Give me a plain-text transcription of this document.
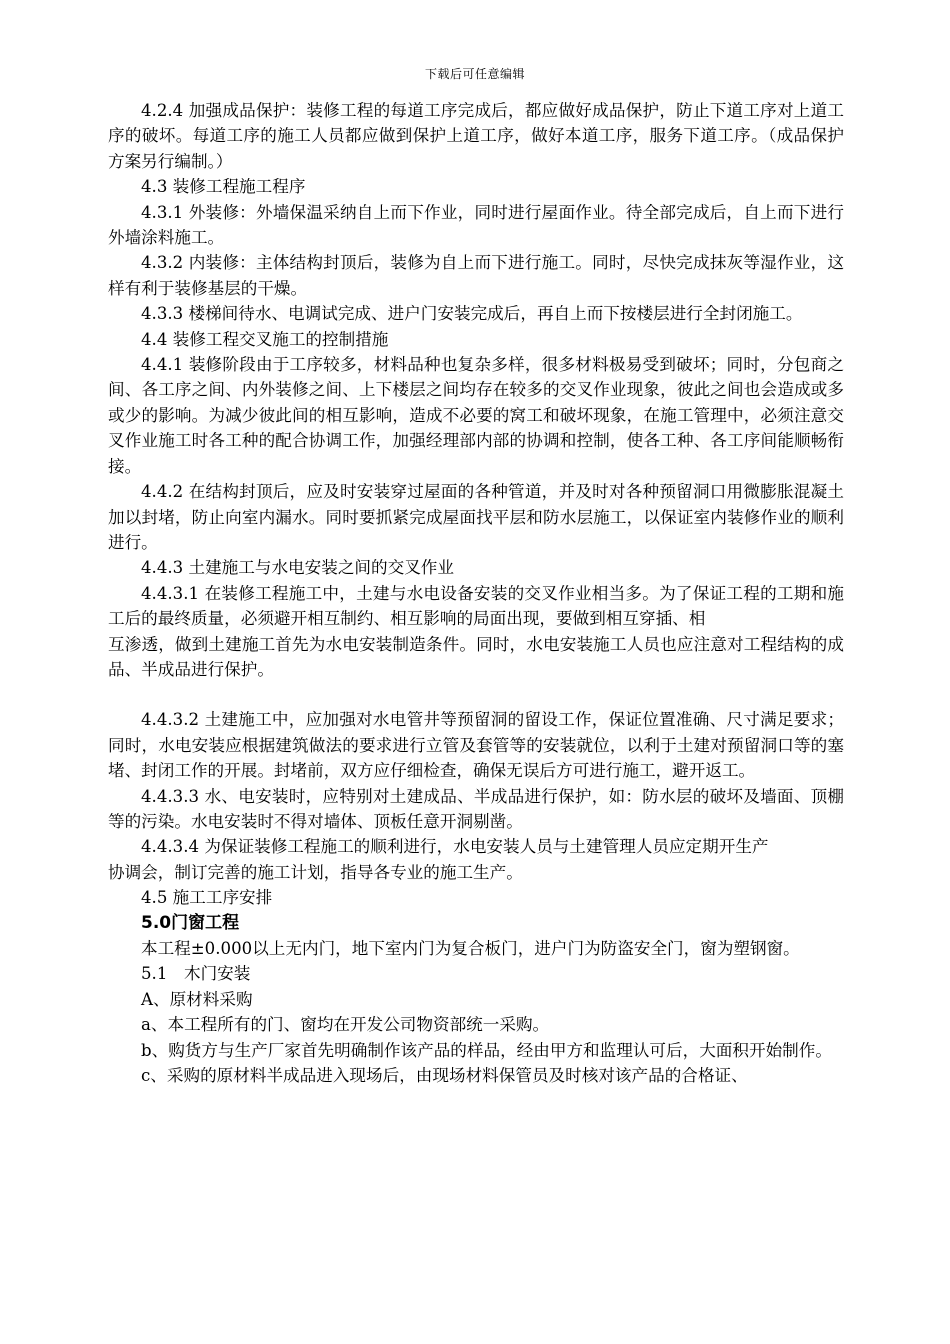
下载后可任意编辑

4.2.4 加强成品保护：装修工程的每道工序完成后，都应做好成品保护，防止下道工序对上道工序的破坏。每道工序的施工人员都应做到保护上道工序，做好本道工序，服务下道工序。（成品保护方案另行编制。）

4.3 装修工程施工程序

4.3.1 外装修：外墙保温采纳自上而下作业，同时进行屋面作业。待全部完成后，自上而下进行外墙涂料施工。

4.3.2 内装修：主体结构封顶后，装修为自上而下进行施工。同时，尽快完成抹灰等湿作业，这样有利于装修基层的干燥。

4.3.3 楼梯间待水、电调试完成、进户门安装完成后，再自上而下按楼层进行全封闭施工。

4.4 装修工程交叉施工的控制措施

4.4.1 装修阶段由于工序较多，材料品种也复杂多样，很多材料极易受到破坏；同时，分包商之间、各工序之间、内外装修之间、上下楼层之间均存在较多的交叉作业现象，彼此之间也会造成或多或少的影响。为减少彼此间的相互影响，造成不必要的窝工和破坏现象，在施工管理中，必须注意交叉作业施工时各工种的配合协调工作，加强经理部内部的协调和控制，使各工种、各工序间能顺畅衔接。

4.4.2 在结构封顶后，应及时安装穿过屋面的各种管道，并及时对各种预留洞口用微膨胀混凝土加以封堵，防止向室内漏水。同时要抓紧完成屋面找平层和防水层施工，以保证室内装修作业的顺利进行。

4.4.3 土建施工与水电安装之间的交叉作业

4.4.3.1 在装修工程施工中，土建与水电设备安装的交叉作业相当多。为了保证工程的工期和施工后的最终质量，必须避开相互制约、相互影响的局面出现，要做到相互穿插、相

互渗透，做到土建施工首先为水电安装制造条件。同时，水电安装施工人员也应注意对工程结构的成品、半成品进行保护。

4.4.3.2 土建施工中，应加强对水电管井等预留洞的留设工作，保证位置准确、尺寸满足要求；同时，水电安装应根据建筑做法的要求进行立管及套管等的安装就位，以利于土建对预留洞口等的塞堵、封闭工作的开展。封堵前，双方应仔细检查，确保无误后方可进行施工，避开返工。

4.4.3.3 水、电安装时，应特别对土建成品、半成品进行保护，如：防水层的破坏及墙面、顶棚等的污染。水电安装时不得对墙体、顶板任意开洞剔凿。

4.4.3.4 为保证装修工程施工的顺利进行，水电安装人员与土建管理人员应定期开生产

协调会，制订完善的施工计划，指导各专业的施工生产。

4.5 施工工序安排

5.0门窗工程

本工程±0.000以上无内门，地下室内门为复合板门，进户门为防盗安全门，窗为塑钢窗。

5.1　木门安装

A、原材料采购

a、本工程所有的门、窗均在开发公司物资部统一采购。

b、购货方与生产厂家首先明确制作该产品的样品，经由甲方和监理认可后，大面积开始制作。

c、采购的原材料半成品进入现场后，由现场材料保管员及时核对该产品的合格证、
